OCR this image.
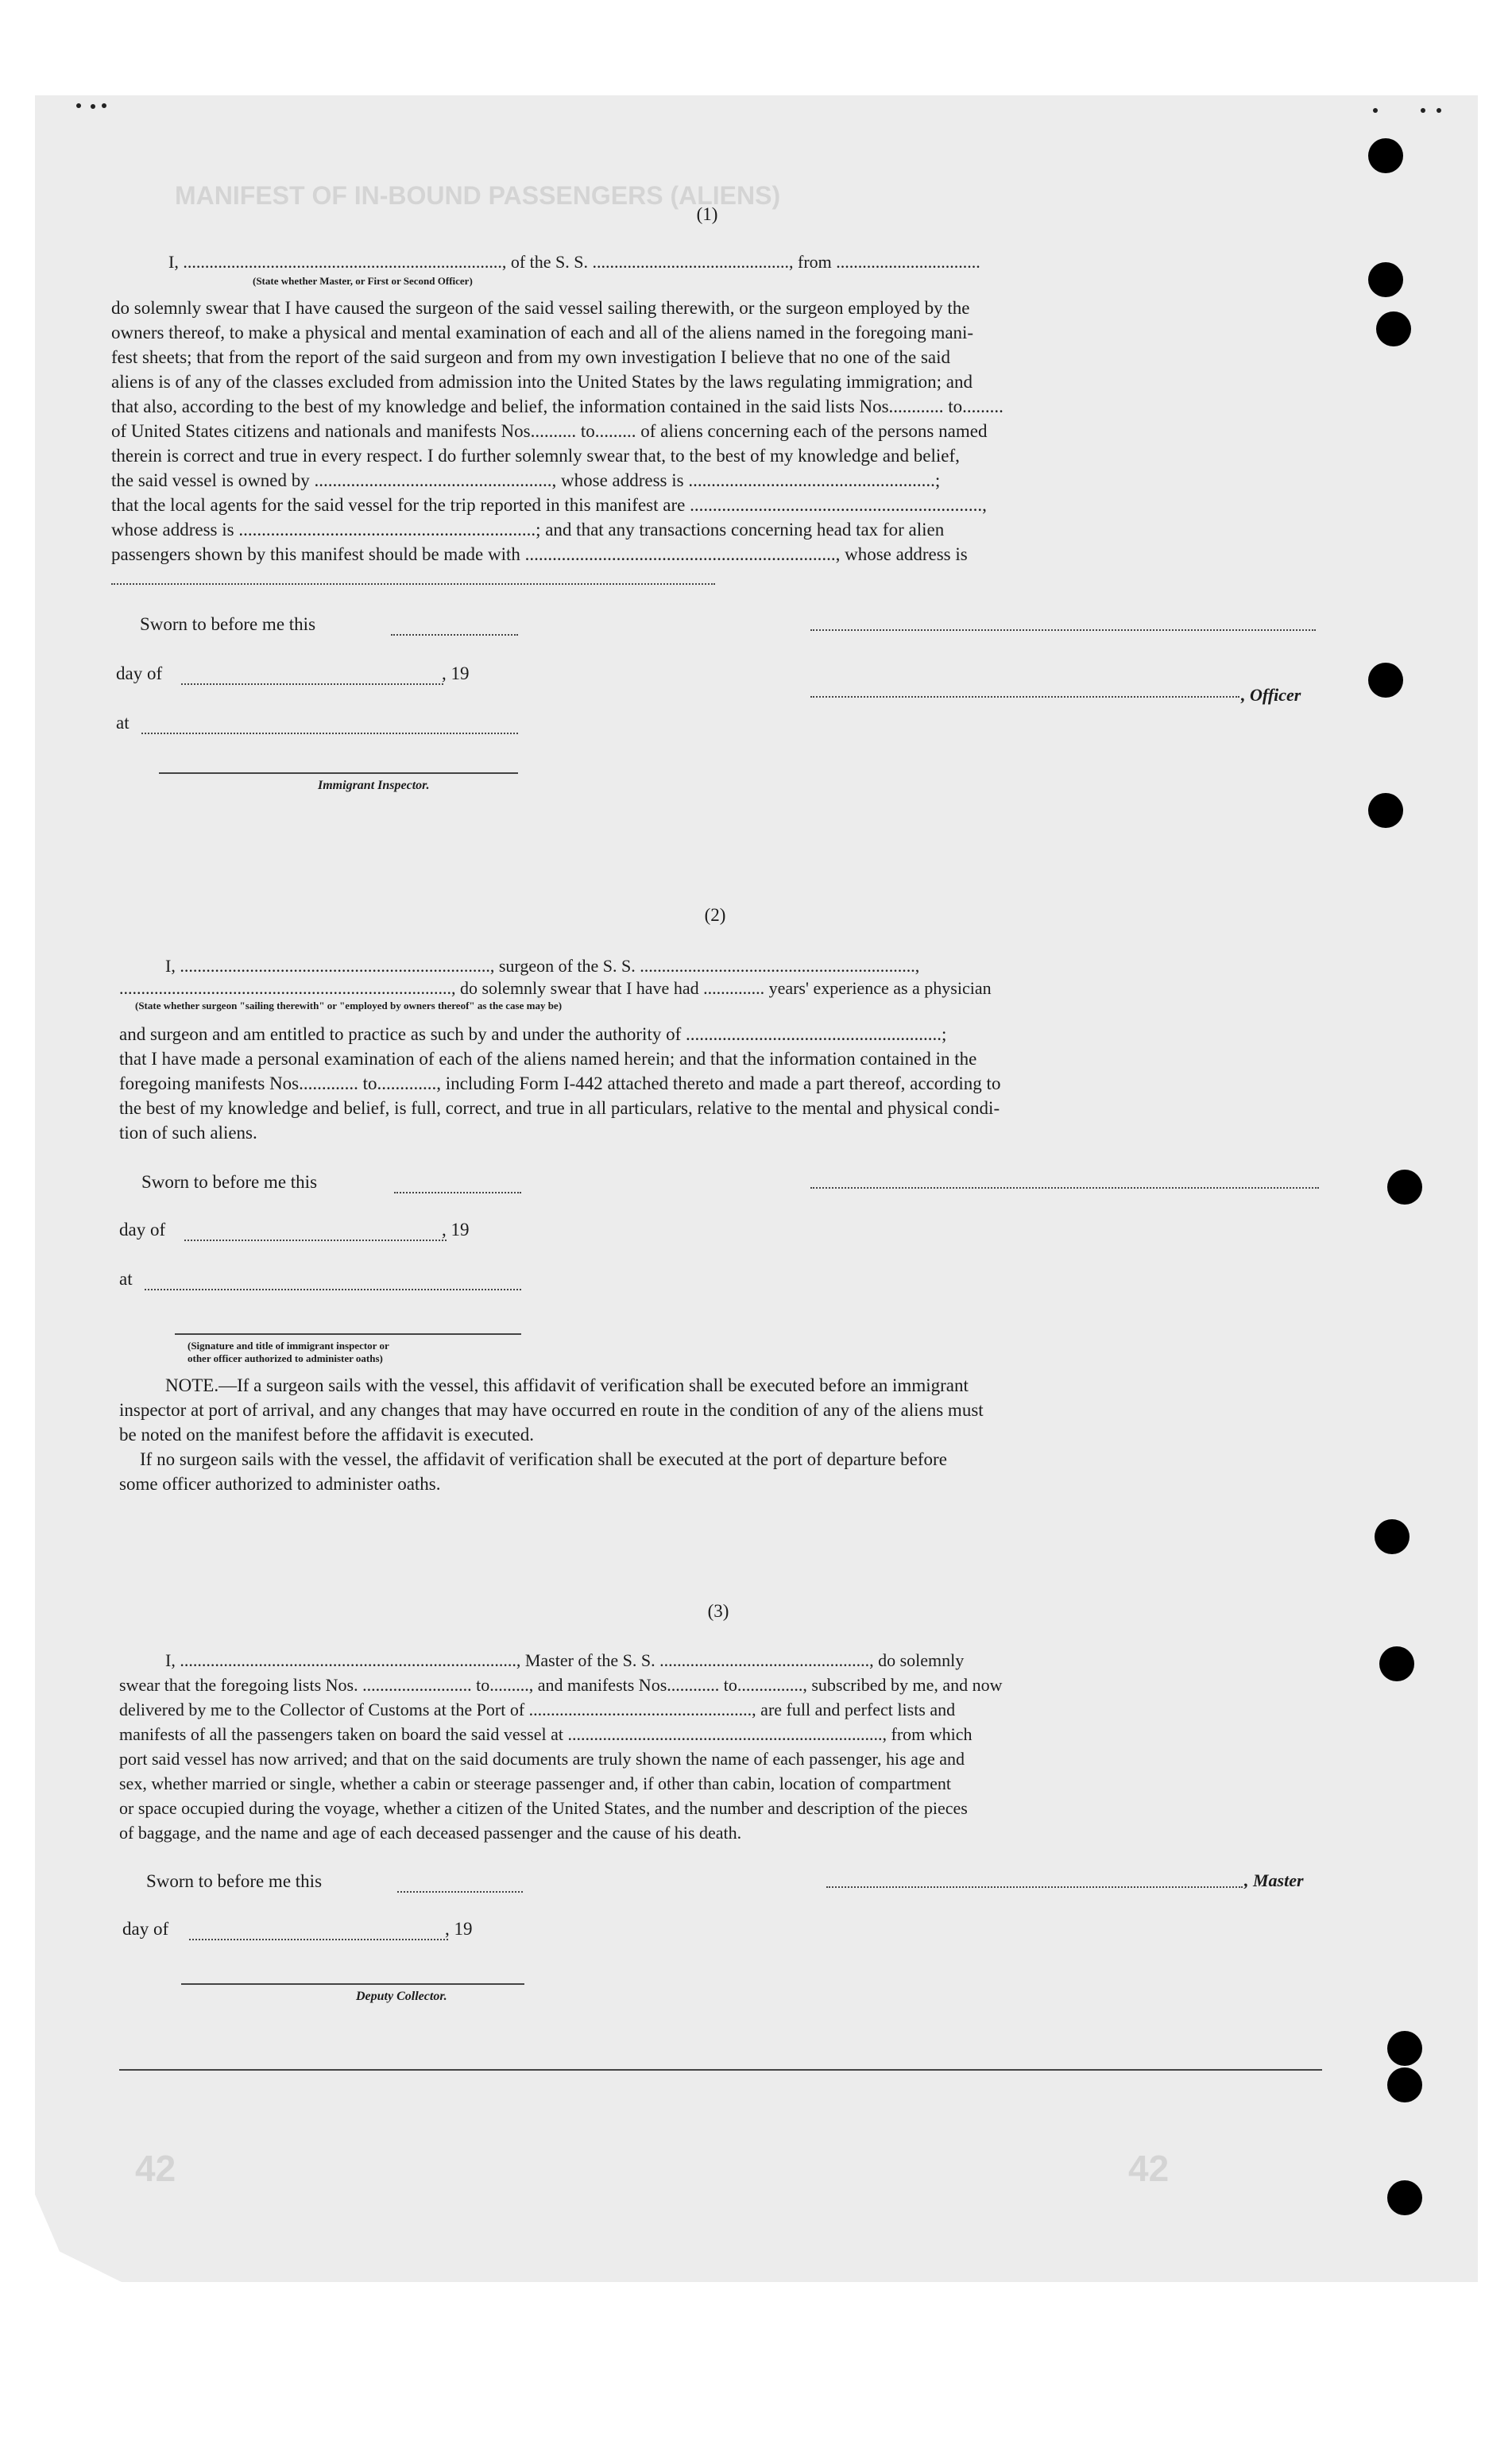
MANIFEST OF IN-BOUND PASSENGERS (ALIENS)
42	42
(1)
I, ........................................................................., of the S. S. ............................................., from .................................
(State whether Master, or First or Second Officer)
do solemnly swear that I have caused the surgeon of the said vessel sailing therewith, or the surgeon employed by the
owners thereof, to make a physical and mental examination of each and all of the aliens named in the foregoing mani-
fest sheets; that from the report of the said surgeon and from my own investigation I believe that no one of the said
aliens is of any of the classes excluded from admission into the United States by the laws regulating immigration; and
that also, according to the best of my knowledge and belief, the information contained in the said lists Nos............ to.........
of United States citizens and nationals and manifests Nos.......... to......... of aliens concerning each of the persons named
therein is correct and true in every respect. I do further solemnly swear that, to the best of my knowledge and belief,
the said vessel is owned by ...................................................., whose address is ......................................................;
that the local agents for the said vessel for the trip reported in this manifest are ................................................................,
whose address is .................................................................; and that any transactions concerning head tax for alien
passengers shown by this manifest should be made with ...................................................................., whose address is
Sworn to before me this
day of	, 19
at
Immigrant Inspector.
, Officer
(2)
I, ......................................................................., surgeon of the S. S. ...............................................................,
............................................................................, do solemnly swear that I have had .............. years' experience as a physician
(State whether surgeon "sailing therewith" or "employed by owners thereof" as the case may be)
and surgeon and am entitled to practice as such by and under the authority of ........................................................;
that I have made a personal examination of each of the aliens named herein; and that the information contained in the
foregoing manifests Nos............. to............., including Form I-442 attached thereto and made a part thereof, according to
the best of my knowledge and belief, is full, correct, and true in all particulars, relative to the mental and physical condi-
tion of such aliens.
Sworn to before me this
day of	, 19
at
(Signature and title of immigrant inspector or
other officer authorized to administer oaths)
NOTE.—If a surgeon sails with the vessel, this affidavit of verification shall be executed before an immigrant
inspector at port of arrival, and any changes that may have occurred en route in the condition of any of the aliens must
be noted on the manifest before the affidavit is executed.
If no surgeon sails with the vessel, the affidavit of verification shall be executed at the port of departure before
some officer authorized to administer oaths.
(3)
I, ............................................................................., Master of the S. S. ................................................, do solemnly
swear that the foregoing lists Nos. ......................... to........., and manifests Nos............ to..............., subscribed by me, and now
delivered by me to the Collector of Customs at the Port of ..................................................., are full and perfect lists and
manifests of all the passengers taken on board the said vessel at ........................................................................, from which
port said vessel has now arrived; and that on the said documents are truly shown the name of each passenger, his age and
sex, whether married or single, whether a cabin or steerage passenger and, if other than cabin, location of compartment
or space occupied during the voyage, whether a citizen of the United States, and the number and description of the pieces
of baggage, and the name and age of each deceased passenger and the cause of his death.
Sworn to before me this
day of	, 19
Deputy Collector.
, Master
